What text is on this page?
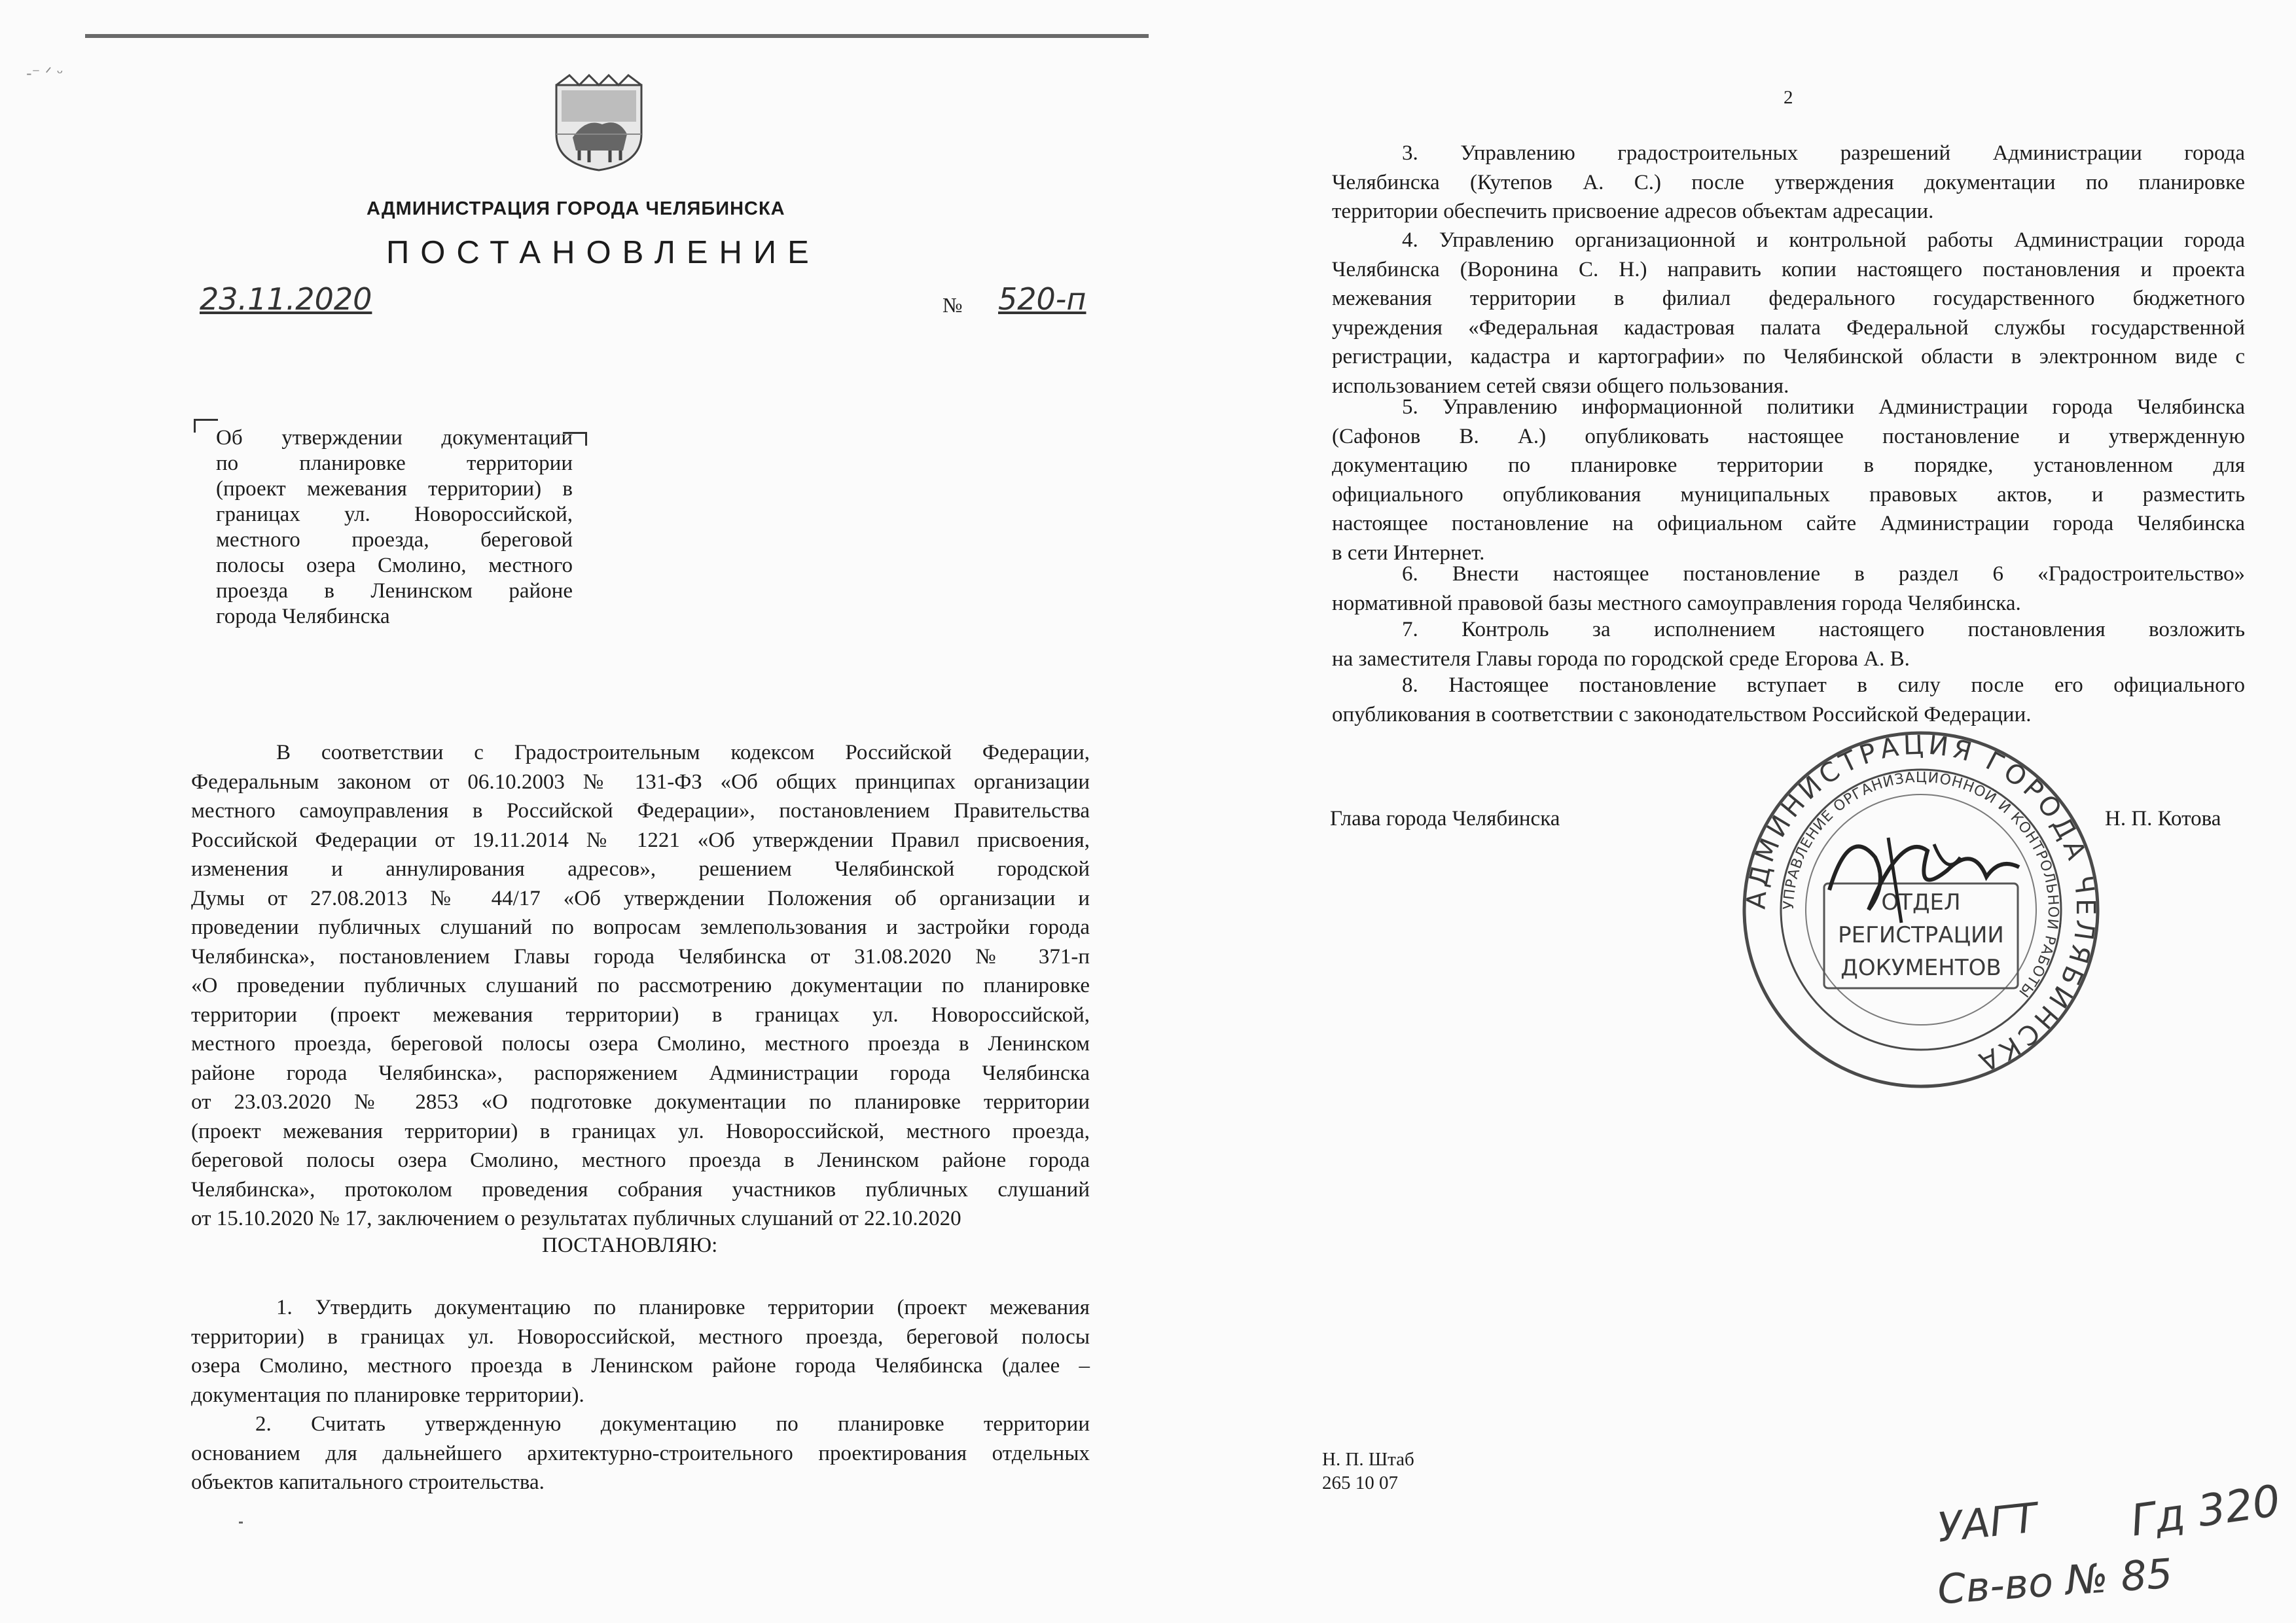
-⁻ ᐟ ᵕ
АДМИНИСТРАЦИЯ ГОРОДА ЧЕЛЯБИНСКА
ПОСТАНОВЛЕНИЕ
23.11.2020	№ 520-п
Об утверждении документации
по планировке территории
(проект межевания территории) в
границах ул. Новороссийской,
местного проезда, береговой
полосы озера Смолино, местного
проезда в Ленинском районе
города Челябинска
В соответствии с Градостроительным кодексом Российской Федерации,
Федеральным законом от 06.10.2003 № 131-ФЗ «Об общих принципах организации
местного самоуправления в Российской Федерации», постановлением Правительства
Российской Федерации от 19.11.2014 № 1221 «Об утверждении Правил присвоения,
изменения и аннулирования адресов», решением Челябинской городской
Думы от 27.08.2013 № 44/17 «Об утверждении Положения об организации и
проведении публичных слушаний по вопросам землепользования и застройки города
Челябинска», постановлением Главы города Челябинска от 31.08.2020 № 371-п
«О проведении публичных слушаний по рассмотрению документации по планировке
территории (проект межевания территории) в границах ул. Новороссийской,
местного проезда, береговой полосы озера Смолино, местного проезда в Ленинском
районе города Челябинска», распоряжением Администрации города Челябинска
от 23.03.2020 № 2853 «О подготовке документации по планировке территории
(проект межевания территории) в границах ул. Новороссийской, местного проезда,
береговой полосы озера Смолино, местного проезда в Ленинском районе города
Челябинска», протоколом проведения собрания участников публичных слушаний
от 15.10.2020 № 17, заключением о результатах публичных слушаний от 22.10.2020
ПОСТАНОВЛЯЮ:
1. Утвердить документацию по планировке территории (проект межевания
территории) в границах ул. Новороссийской, местного проезда, береговой полосы
озера Смолино, местного проезда в Ленинском районе города Челябинска (далее –
документация по планировке территории).
2. Считать утвержденную документацию по планировке территории
основанием для дальнейшего архитектурно-строительного проектирования отдельных
объектов капитального строительства.
2
3. Управлению градостроительных разрешений Администрации города
Челябинска (Кутепов А. С.) после утверждения документации по планировке
территории обеспечить присвоение адресов объектам адресации.
4. Управлению организационной и контрольной работы Администрации города
Челябинска (Воронина С. Н.) направить копии настоящего постановления и проекта
межевания территории в филиал федерального государственного бюджетного
учреждения «Федеральная кадастровая палата Федеральной службы государственной
регистрации, кадастра и картографии» по Челябинской области в электронном виде с
использованием сетей связи общего пользования.
5. Управлению информационной политики Администрации города Челябинска
(Сафонов В. А.) опубликовать настоящее постановление и утвержденную
документацию по планировке территории в порядке, установленном для
официального опубликования муниципальных правовых актов, и разместить
настоящее постановление на официальном сайте Администрации города Челябинска
в сети Интернет.
6. Внести настоящее постановление в раздел 6 «Градостроительство»
нормативной правовой базы местного самоуправления города Челябинска.
7. Контроль за исполнением настоящего постановления возложить
на заместителя Главы города по городской среде Егорова А. В.
8. Настоящее постановление вступает в силу после его официального
опубликования в соответствии с законодательством Российской Федерации.
Глава города Челябинска	Н. П. Котова
АДМИНИСТРАЦИЯ ГОРОДА ЧЕЛЯБИНСКА
УПРАВЛЕНИЕ ОРГАНИЗАЦИОННОЙ И КОНТРОЛЬНОЙ РАБОТЫ
ОТДЕЛ
РЕГИСТРАЦИИ
ДОКУМЕНТОВ
Н. П. Штаб
265 10 07
УАГТ Гд 320
Св-во № 85
